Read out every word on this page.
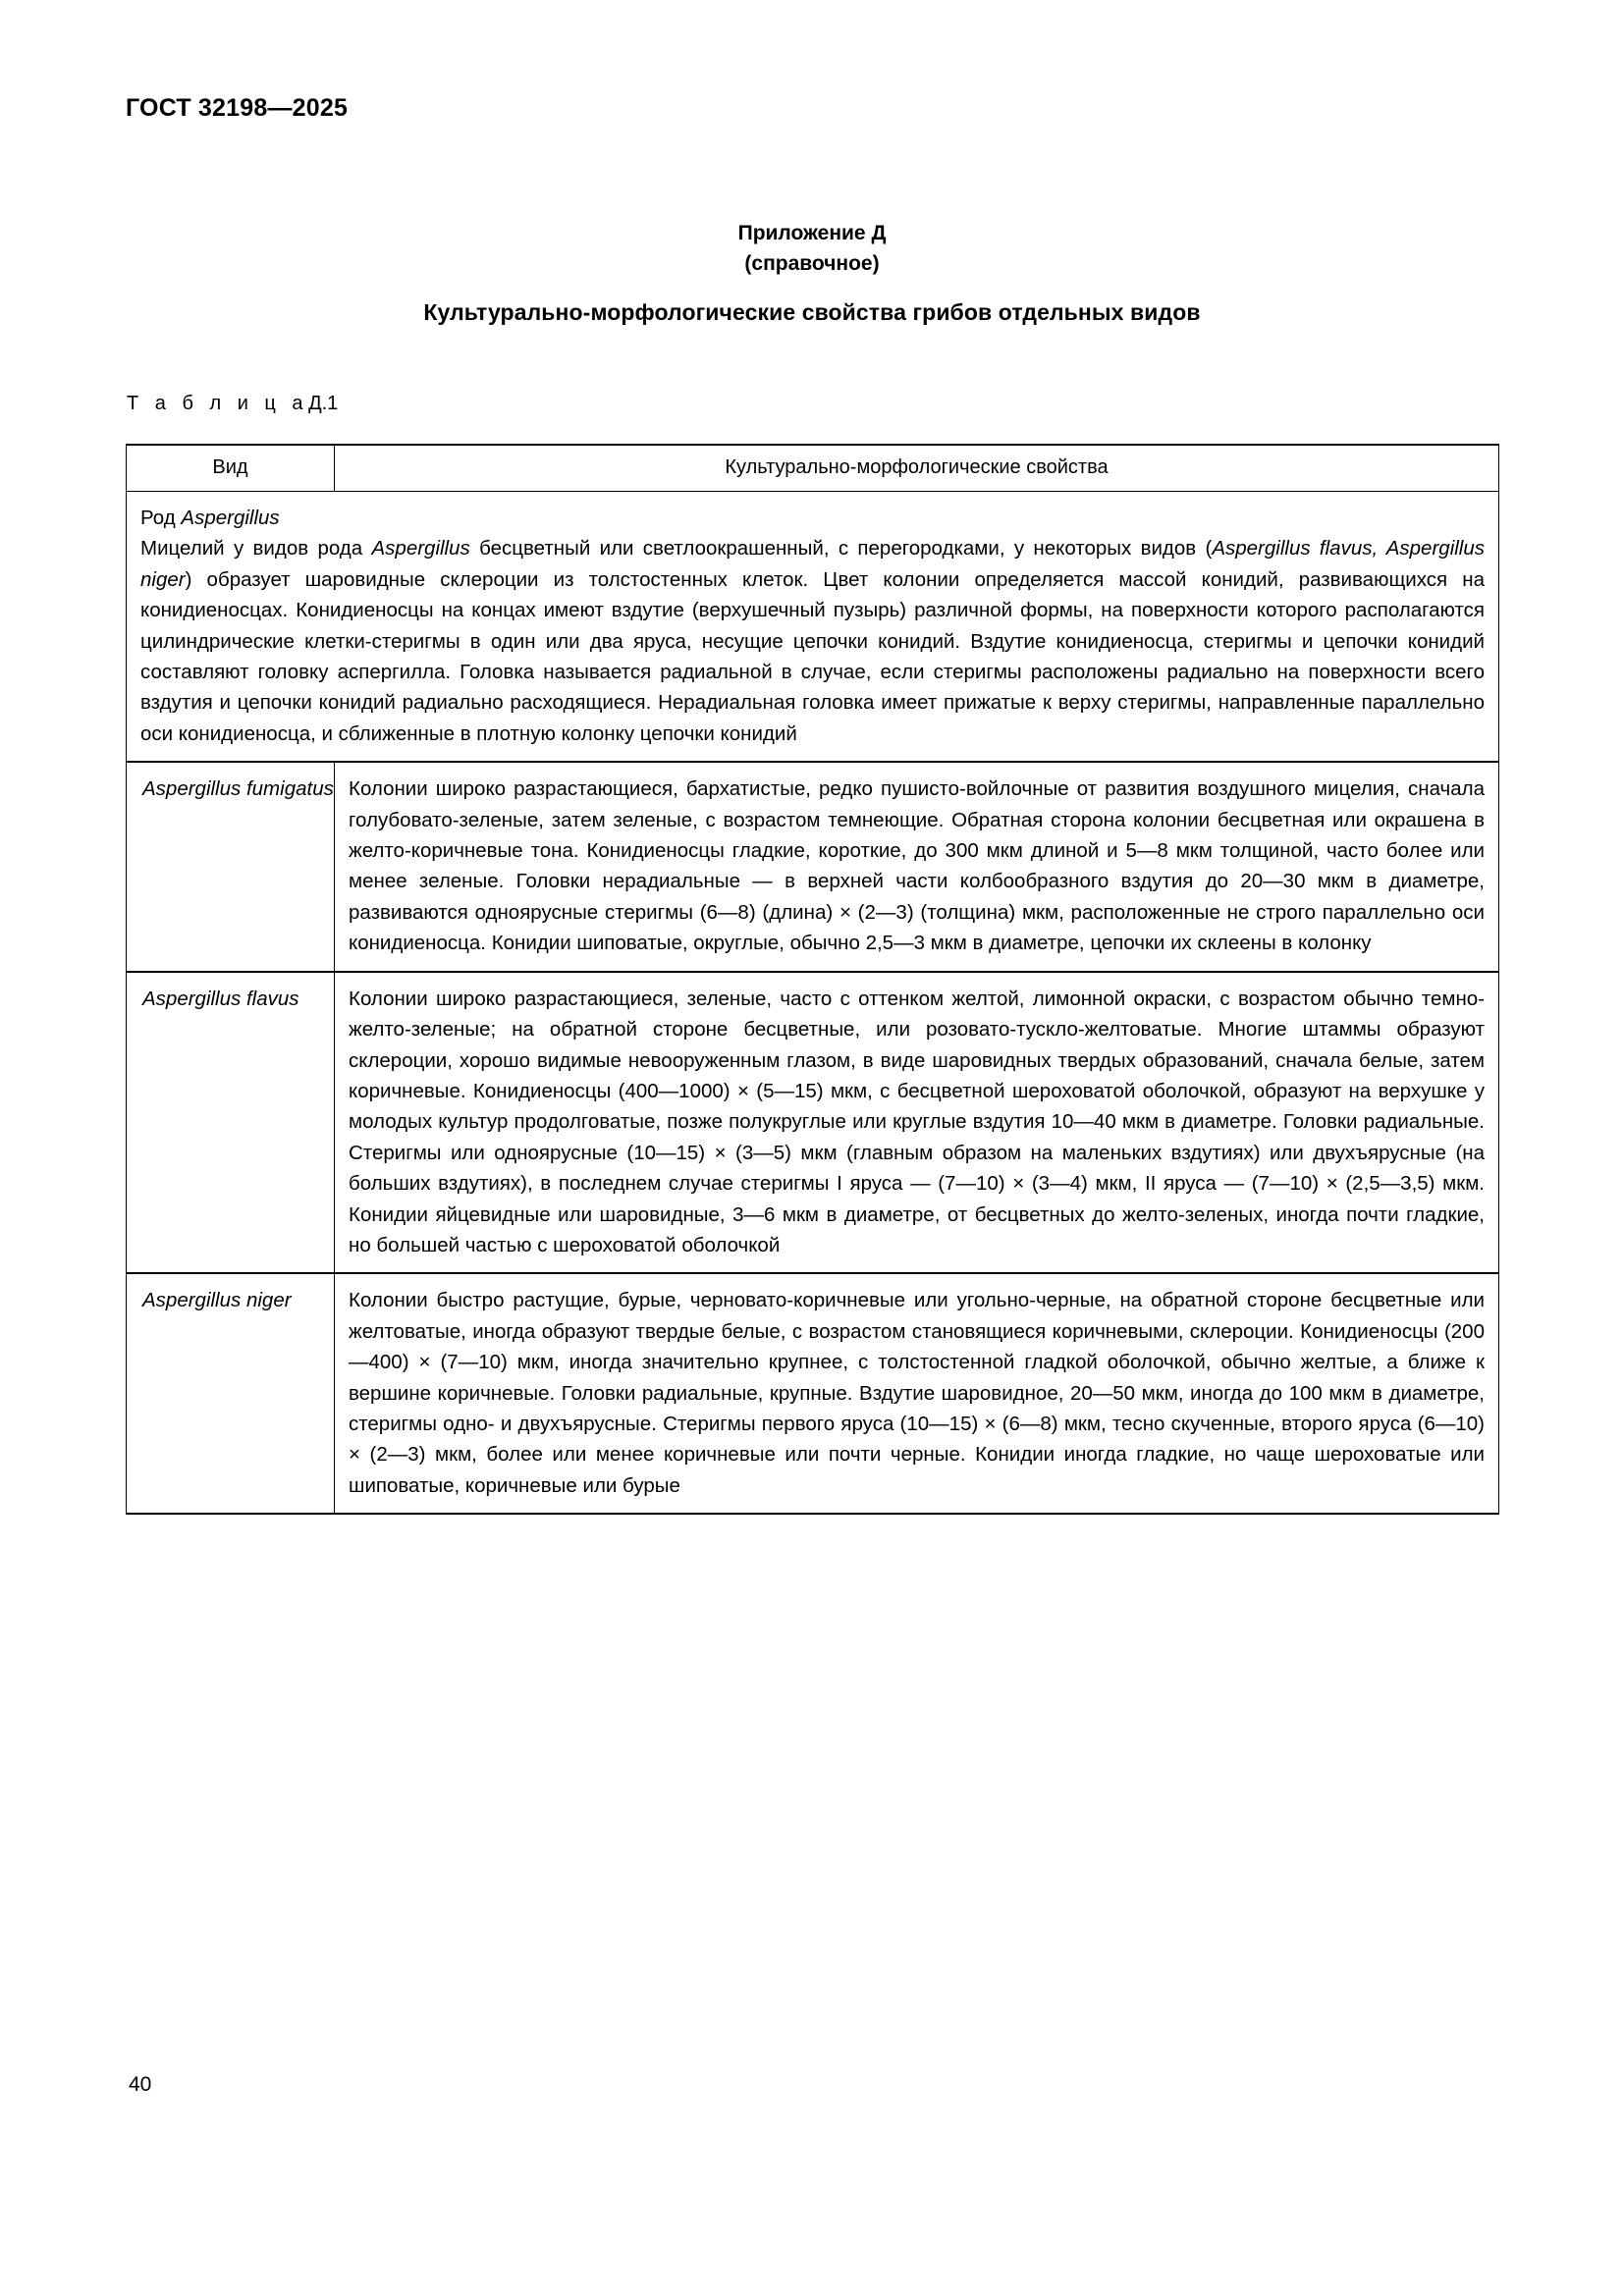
ГОСТ 32198—2025
Приложение Д
(справочное)
Культурально-морфологические свойства грибов отдельных видов
Т а б л и ц аД.1
Вид	Культурально-морфологические свойства

Род Aspergillus
Мицелий у видов рода Aspergillus бесцветный или светлоокрашенный, с перегородками, у некоторых видов (Aspergillus flavus, Aspergillus niger) образует шаровидные склероции из толстостенных клеток. Цвет колонии определяется массой конидий, развивающихся на конидиеносцах. Конидиеносцы на концах имеют вздутие (верхушечный пузырь) различной формы, на поверхности которого располагаются цилиндрические клетки-стеригмы в один или два яруса, несущие цепочки конидий. Вздутие конидиеносца, стеригмы и цепочки конидий составляют головку аспергилла. Головка называется радиальной в случае, если стеригмы расположены радиально на поверхности всего вздутия и цепочки конидий радиально расходящиеся. Нерадиальная головка имеет прижатые к верху стеригмы, направленные параллельно оси конидиеносца, и сближенные в плотную колонку цепочки конидий	
Aspergillus fumigatus	Колонии широко разрастающиеся, бархатистые, редко пушисто-войлочные от развития воздушного мицелия, сначала голубовато-зеленые, затем зеленые, с возрастом темнеющие. Обратная сторона колонии бесцветная или окрашена в желто-коричневые тона. Конидиеносцы гладкие, короткие, до 300 мкм длиной и 5—8 мкм толщиной, часто более или менее зеленые. Головки нерадиальные — в верхней части колбообразного вздутия до 20—30 мкм в диаметре, развиваются одноярусные стеригмы (6—8) (длина) × (2—3) (толщина) мкм, расположенные не строго параллельно оси конидиеносца. Конидии шиповатые, округлые, обычно 2,5—3 мкм в диаметре, цепочки их склеены в колонку
Aspergillus flavus	Колонии широко разрастающиеся, зеленые, часто с оттенком желтой, лимонной окраски, с возрастом обычно темно-желто-зеленые; на обратной стороне бесцветные, или розовато-тускло-желтоватые. Многие штаммы образуют склероции, хорошо видимые невооруженным глазом, в виде шаровидных твердых образований, сначала белые, затем коричневые. Конидиеносцы (400—1000) × (5—15) мкм, с бесцветной шероховатой оболочкой, образуют на верхушке у молодых культур продолговатые, позже полукруглые или круглые вздутия 10—40 мкм в диаметре. Головки радиальные. Стеригмы или одноярусные (10—15) × (3—5) мкм (главным образом на маленьких вздутиях) или двухъярусные (на больших вздутиях), в последнем случае стеригмы I яруса — (7—10) × (3—4) мкм, II яруса — (7—10) × (2,5—3,5) мкм. Конидии яйцевидные или шаровидные, 3—6 мкм в диаметре, от бесцветных до желто-зеленых, иногда почти гладкие, но большей частью с шероховатой оболочкой
Aspergillus niger	Колонии быстро растущие, бурые, черновато-коричневые или угольно-черные, на обратной стороне бесцветные или желтоватые, иногда образуют твердые белые, с возрастом становящиеся коричневыми, склероции. Конидиеносцы (200—400) × (7—10) мкм, иногда значительно крупнее, с толстостенной гладкой оболочкой, обычно желтые, а ближе к вершине коричневые. Головки радиальные, крупные. Вздутие шаровидное, 20—50 мкм, иногда до 100 мкм в диаметре, стеригмы одно- и двухъярусные. Стеригмы первого яруса (10—15) × (6—8) мкм, тесно скученные, второго яруса (6—10) × (2—3) мкм, более или менее коричневые или почти черные. Конидии иногда гладкие, но чаще шероховатые или шиповатые, коричневые или бурые
40
